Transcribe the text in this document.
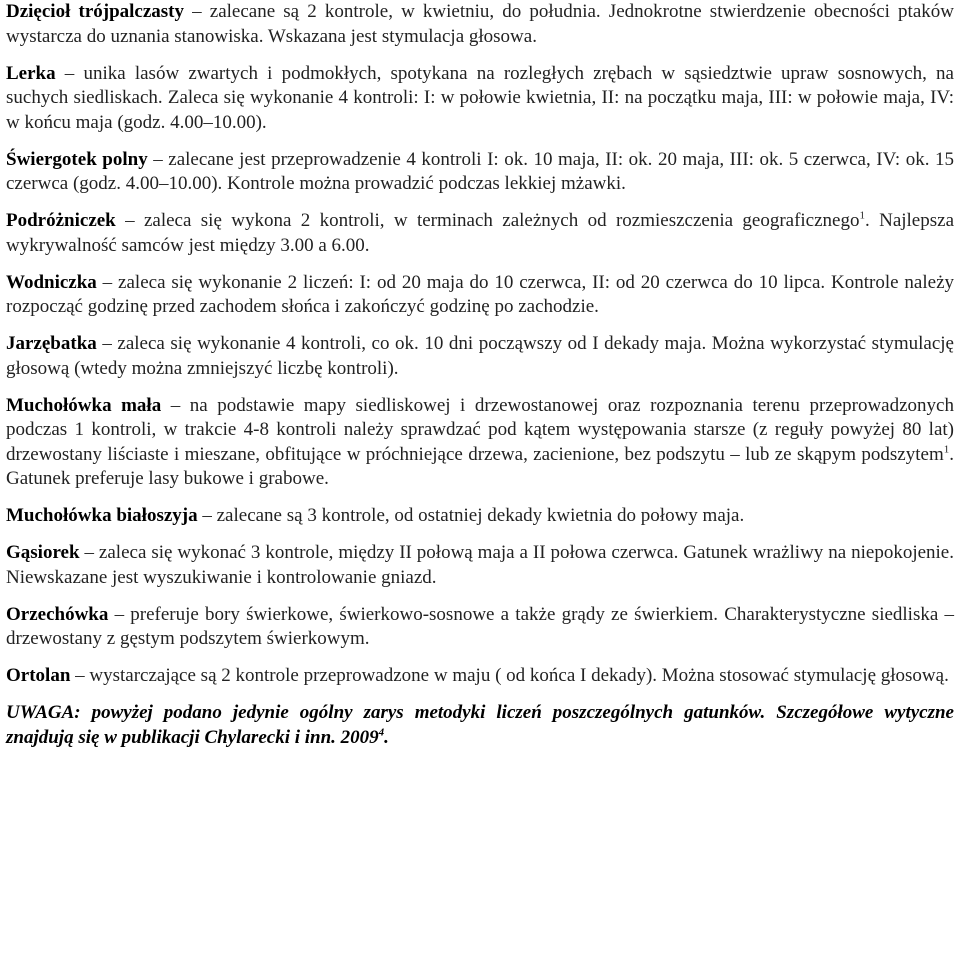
Dzięcioł trójpalczasty – zalecane są 2 kontrole, w kwietniu, do południa. Jednokrotne stwierdzenie obecności ptaków wystarcza do uznania stanowiska. Wskazana jest stymulacja głosowa.

Lerka – unika lasów zwartych i podmokłych, spotykana na rozległych zrębach w sąsiedztwie upraw sosnowych, na suchych siedliskach. Zaleca się wykonanie 4 kontroli: I: w połowie kwietnia, II: na początku maja, III: w połowie maja, IV: w końcu maja (godz. 4.00–10.00).

Świergotek polny – zalecane jest przeprowadzenie 4 kontroli I: ok. 10 maja, II: ok. 20 maja, III: ok. 5 czerwca, IV: ok. 15 czerwca (godz. 4.00–10.00). Kontrole można prowadzić podczas lekkiej mżawki.

Podróżniczek – zaleca się wykona 2 kontroli, w terminach zależnych od rozmieszczenia geograficznego$^1$. Najlepsza wykrywalność samców jest między 3.00 a 6.00.

Wodniczka – zaleca się wykonanie 2 liczeń: I: od 20 maja do 10 czerwca, II: od 20 czerwca do 10 lipca. Kontrole należy rozpocząć godzinę przed zachodem słońca i zakończyć godzinę po zachodzie.

Jarzębatka – zaleca się wykonanie 4 kontroli, co ok. 10 dni począwszy od I dekady maja. Można wykorzystać stymulację głosową (wtedy można zmniejszyć liczbę kontroli).

Muchołówka mała – na podstawie mapy siedliskowej i drzewostanowej oraz rozpoznania terenu przeprowadzonych podczas 1 kontroli, w trakcie 4-8 kontroli należy sprawdzać pod kątem występowania starsze (z reguły powyżej 80 lat) drzewostany liściaste i mieszane, obfitujące w próchniejące drzewa, zacienione, bez podszytu – lub ze skąpym podszytem$^1$. Gatunek preferuje lasy bukowe i grabowe.

Muchołówka białoszyja – zalecane są 3 kontrole, od ostatniej dekady kwietnia do połowy maja.

Gąsiorek – zaleca się wykonać 3 kontrole, między II połową maja a II połowa czerwca. Gatunek wrażliwy na niepokojenie. Niewskazane jest wyszukiwanie i kontrolowanie gniazd.

Orzechówka – preferuje bory świerkowe, świerkowo-sosnowe a także grądy ze świerkiem. Charakterystyczne siedliska – drzewostany z gęstym podszytem świerkowym.

Ortolan – wystarczające są 2 kontrole przeprowadzone w maju ( od końca I dekady). Można stosować stymulację głosową.

UWAGA: powyżej podano jedynie ogólny zarys metodyki liczeń poszczególnych gatunków. Szczegółowe wytyczne znajdują się w publikacji Chylarecki i inn. 2009$^4$.
